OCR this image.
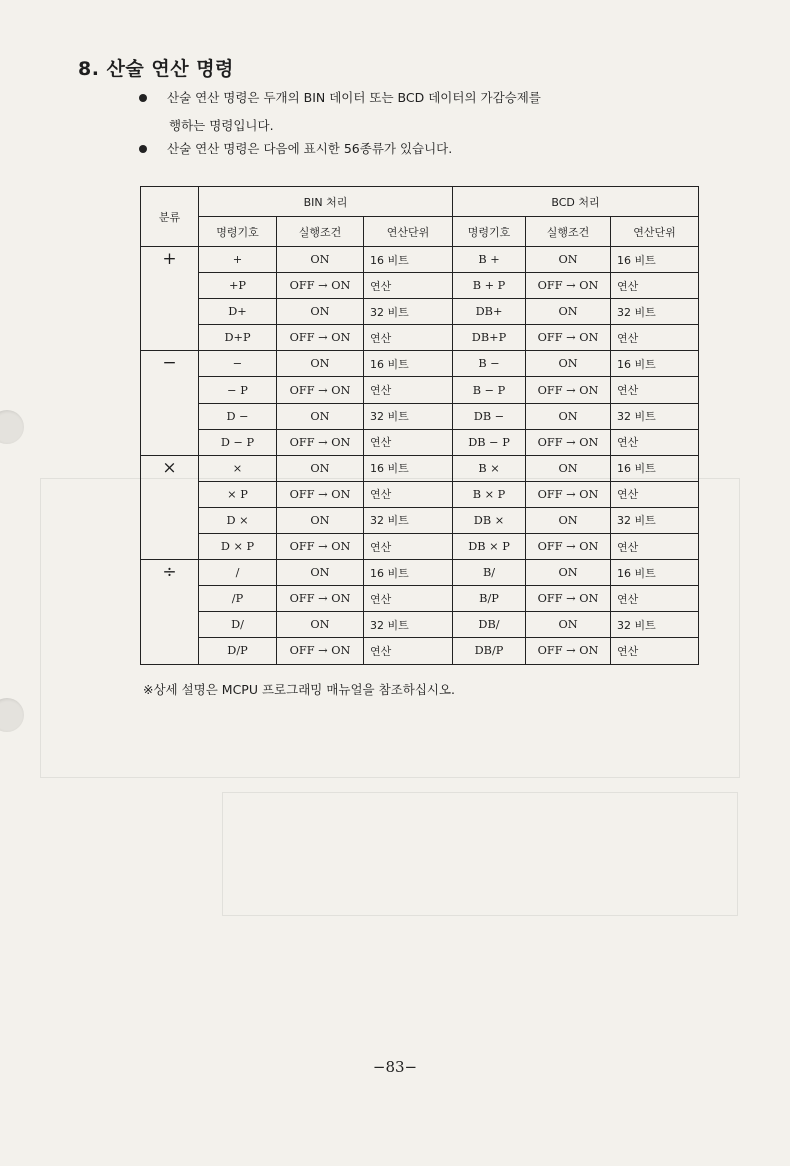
8. 산술 연산 명령
산술 연산 명령은 두개의 BIN 데이터 또는 BCD 데이터의 가감승제를
행하는 명령입니다.
산술 연산 명령은 다음에 표시한 56종류가 있습니다.
분류	BIN 처리			BCD 처리		
	명령기호	실행조건	연산단위	명령기호	실행조건	연산단위
+	+	ON	16 비트	B +	ON	16 비트
	+P	OFF → ON	연산	B + P	OFF → ON	연산
	D+	ON	32 비트	DB+	ON	32 비트
	D+P	OFF → ON	연산	DB+P	OFF → ON	연산
−	−	ON	16 비트	B −	ON	16 비트
	− P	OFF → ON	연산	B − P	OFF → ON	연산
	D −	ON	32 비트	DB −	ON	32 비트
	D − P	OFF → ON	연산	DB − P	OFF → ON	연산
×	×	ON	16 비트	B ×	ON	16 비트
	× P	OFF → ON	연산	B × P	OFF → ON	연산
	D ×	ON	32 비트	DB ×	ON	32 비트
	D × P	OFF → ON	연산	DB × P	OFF → ON	연산
÷	/	ON	16 비트	B/	ON	16 비트
	/P	OFF → ON	연산	B/P	OFF → ON	연산
	D/	ON	32 비트	DB/	ON	32 비트
	D/P	OFF → ON	연산	DB/P	OFF → ON	연산
※상세 설명은 MCPU 프로그래밍 매뉴얼을 참조하십시오.
−83−
